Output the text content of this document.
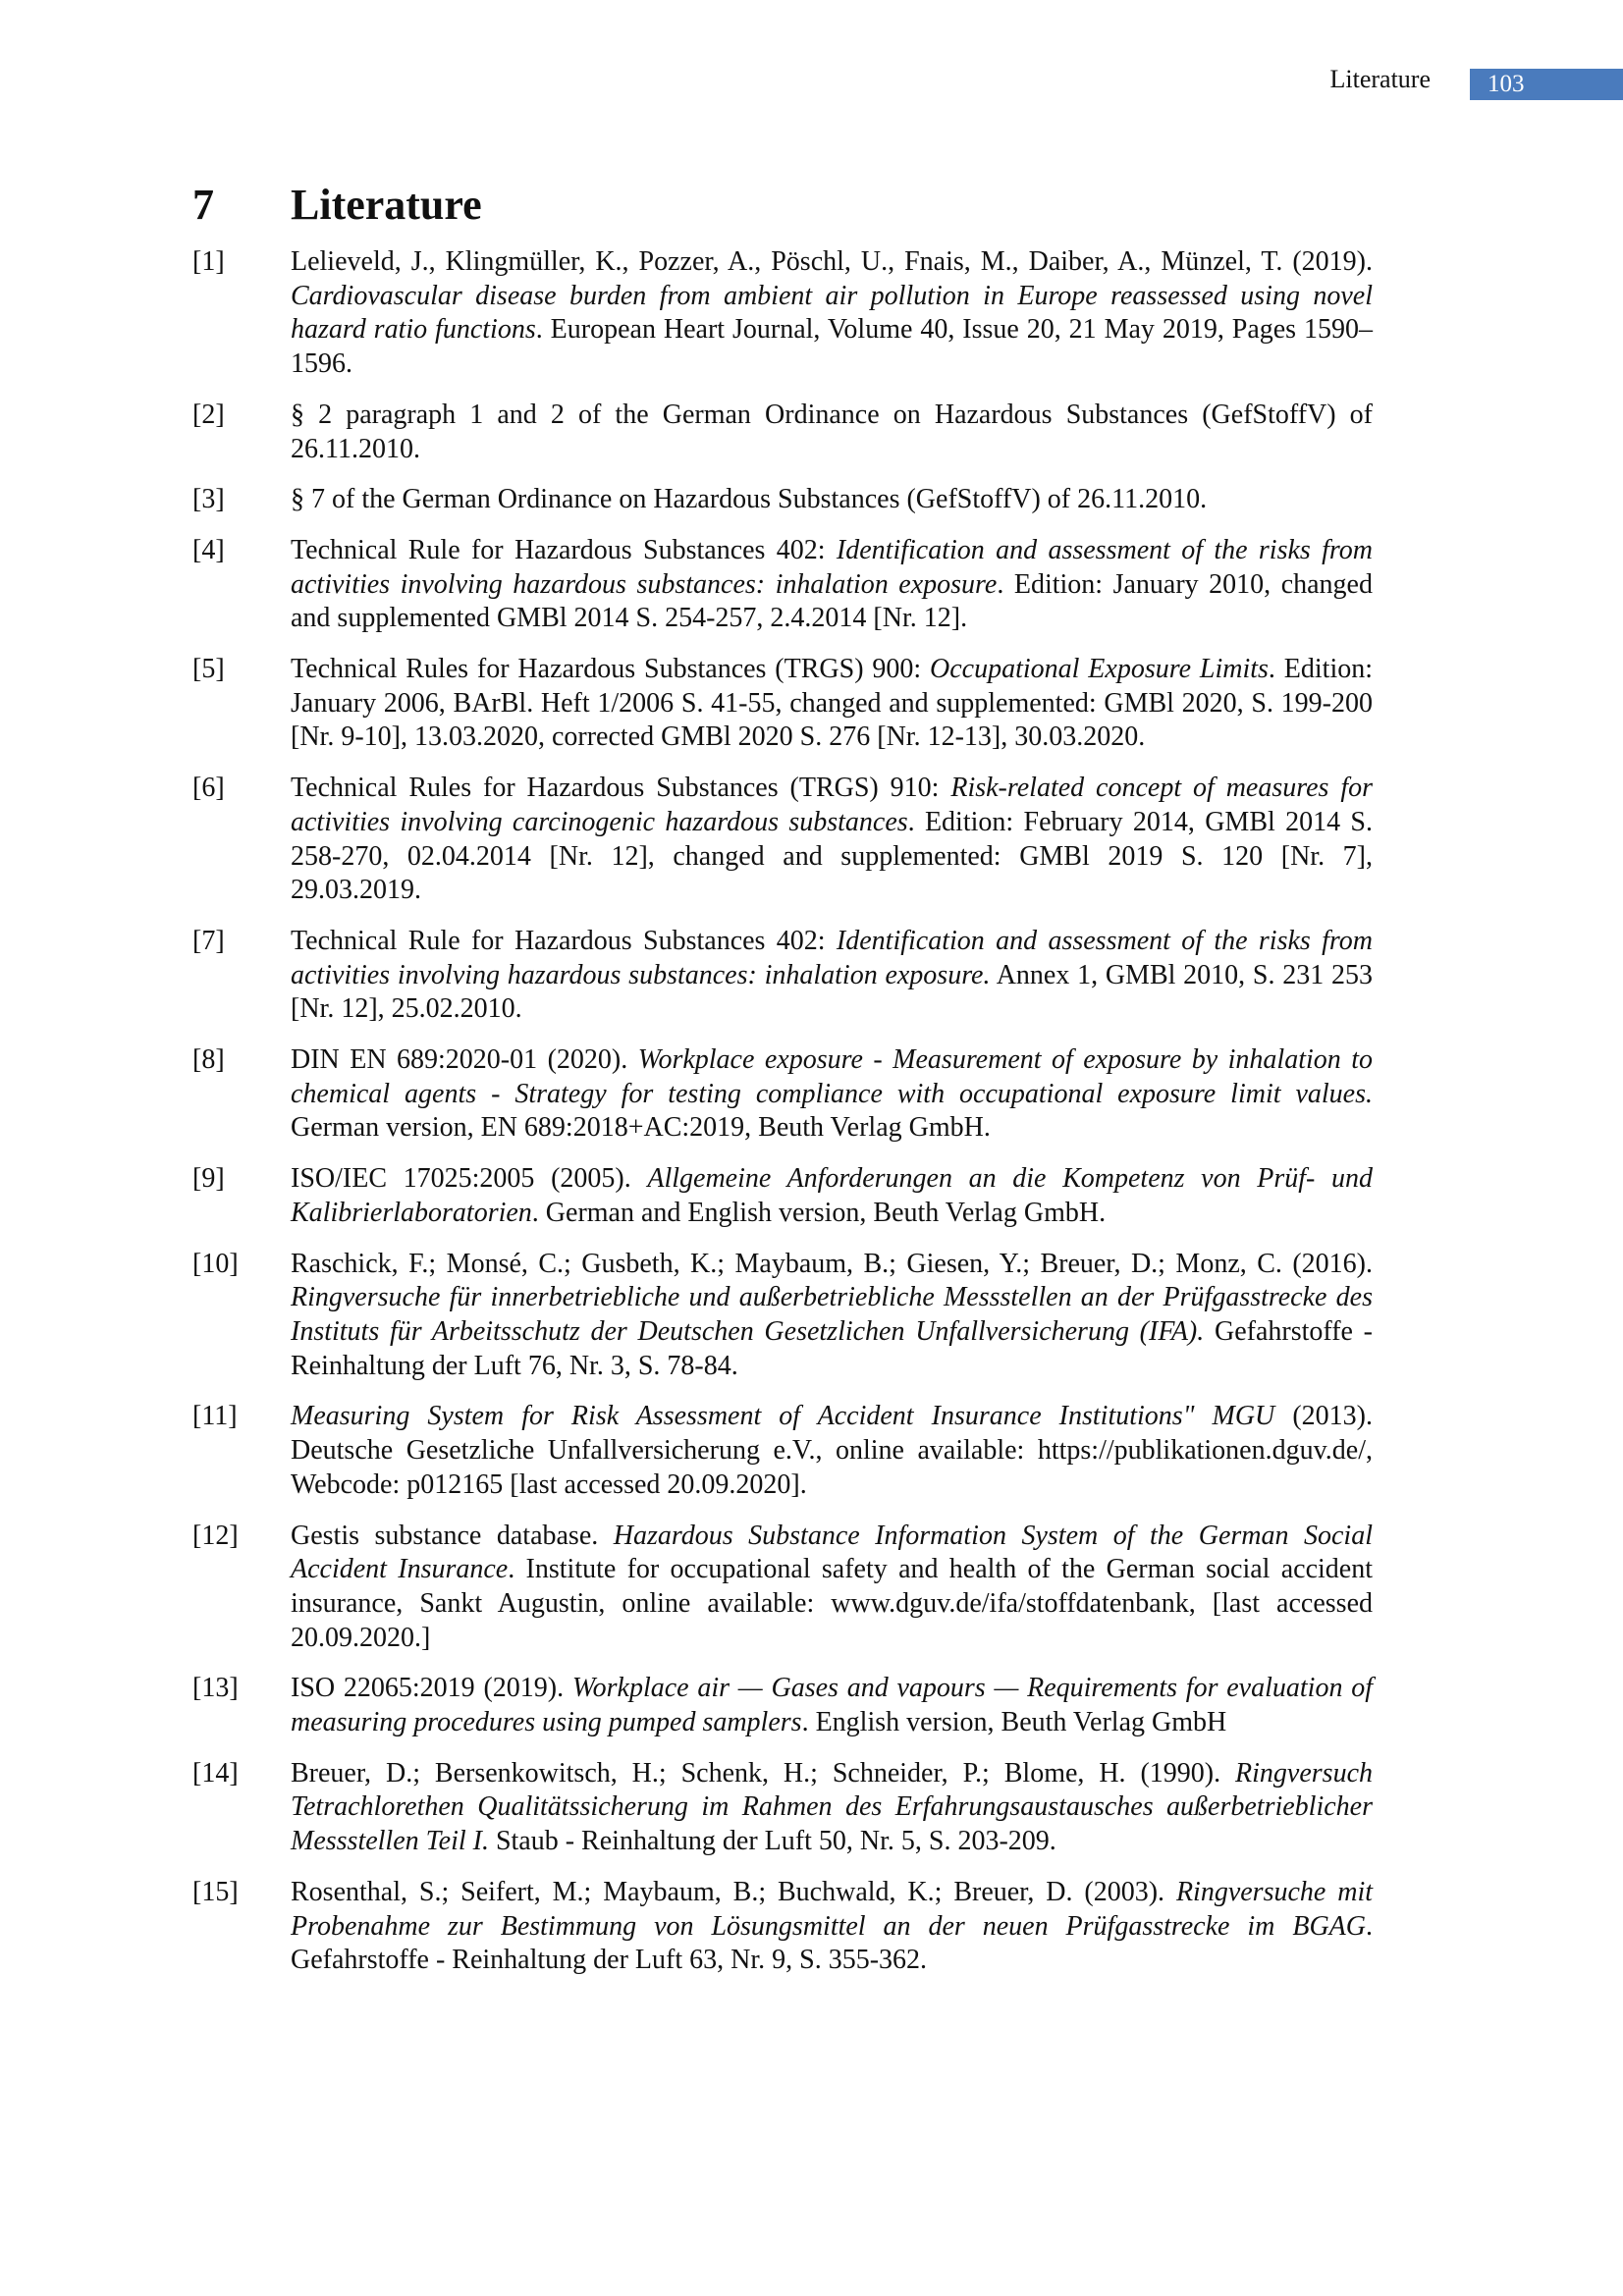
Literature	103
7	Literature
[1]	Lelieveld, J., Klingmüller, K., Pozzer, A., Pöschl, U., Fnais, M., Daiber, A., Münzel, T. (2019). Cardiovascular disease burden from ambient air pollution in Europe reassessed using novel hazard ratio functions. European Heart Journal, Volume 40, Issue 20, 21 May 2019, Pages 1590–1596.
[2]	§ 2 paragraph 1 and 2 of the German Ordinance on Hazardous Substances (GefStoffV) of 26.11.2010.
[3]	§ 7 of the German Ordinance on Hazardous Substances (GefStoffV) of 26.11.2010.
[4]	Technical Rule for Hazardous Substances 402: Identification and assessment of the risks from activities involving hazardous substances: inhalation exposure. Edition: January 2010, changed and supplemented GMBl 2014 S. 254-257, 2.4.2014 [Nr. 12].
[5]	Technical Rules for Hazardous Substances (TRGS) 900: Occupational Exposure Limits. Edition: January 2006, BArBl. Heft 1/2006 S. 41-55, changed and supplemented: GMBl 2020, S. 199-200 [Nr. 9-10], 13.03.2020, corrected GMBl 2020 S. 276 [Nr. 12-13], 30.03.2020.
[6]	Technical Rules for Hazardous Substances (TRGS) 910: Risk-related concept of measures for activities involving carcinogenic hazardous substances. Edition: February 2014, GMBl 2014 S. 258-270, 02.04.2014 [Nr. 12], changed and supplemented: GMBl 2019 S. 120 [Nr. 7], 29.03.2019.
[7]	Technical Rule for Hazardous Substances 402: Identification and assessment of the risks from activities involving hazardous substances: inhalation exposure. Annex 1, GMBl 2010, S. 231 253 [Nr. 12], 25.02.2010.
[8]	DIN EN 689:2020-01 (2020). Workplace exposure - Measurement of exposure by inhalation to chemical agents - Strategy for testing compliance with occupational exposure limit values. German version, EN 689:2018+AC:2019, Beuth Verlag GmbH.
[9]	ISO/IEC 17025:2005 (2005). Allgemeine Anforderungen an die Kompetenz von Prüf- und Kalibrierlaboratorien. German and English version, Beuth Verlag GmbH.
[10]	Raschick, F.; Monsé, C.; Gusbeth, K.; Maybaum, B.; Giesen, Y.; Breuer, D.; Monz, C. (2016). Ringversuche für innerbetriebliche und außerbetriebliche Messstellen an der Prüfgasstrecke des Instituts für Arbeitsschutz der Deutschen Gesetzlichen Unfallversicherung (IFA). Gefahrstoffe - Reinhaltung der Luft 76, Nr. 3, S. 78-84.
[11]	Measuring System for Risk Assessment of Accident Insurance Institutions" MGU (2013). Deutsche Gesetzliche Unfallversicherung e.V., online available: https://publikationen.dguv.de/, Webcode: p012165 [last accessed 20.09.2020].
[12]	Gestis substance database. Hazardous Substance Information System of the German Social Accident Insurance. Institute for occupational safety and health of the German social accident insurance, Sankt Augustin, online available: www.dguv.de/ifa/stoffdatenbank, [last accessed 20.09.2020.]
[13]	ISO 22065:2019 (2019). Workplace air — Gases and vapours — Requirements for evaluation of measuring procedures using pumped samplers. English version, Beuth Verlag GmbH
[14]	Breuer, D.; Bersenkowitsch, H.; Schenk, H.; Schneider, P.; Blome, H. (1990). Ringversuch Tetrachlorethen Qualitätssicherung im Rahmen des Erfahrungsaustausches außerbetrieblicher Messstellen Teil I. Staub - Reinhaltung der Luft 50, Nr. 5, S. 203-209.
[15]	Rosenthal, S.; Seifert, M.; Maybaum, B.; Buchwald, K.; Breuer, D. (2003). Ringversuche mit Probenahme zur Bestimmung von Lösungsmittel an der neuen Prüfgasstrecke im BGAG. Gefahrstoffe - Reinhaltung der Luft 63, Nr. 9, S. 355-362.
